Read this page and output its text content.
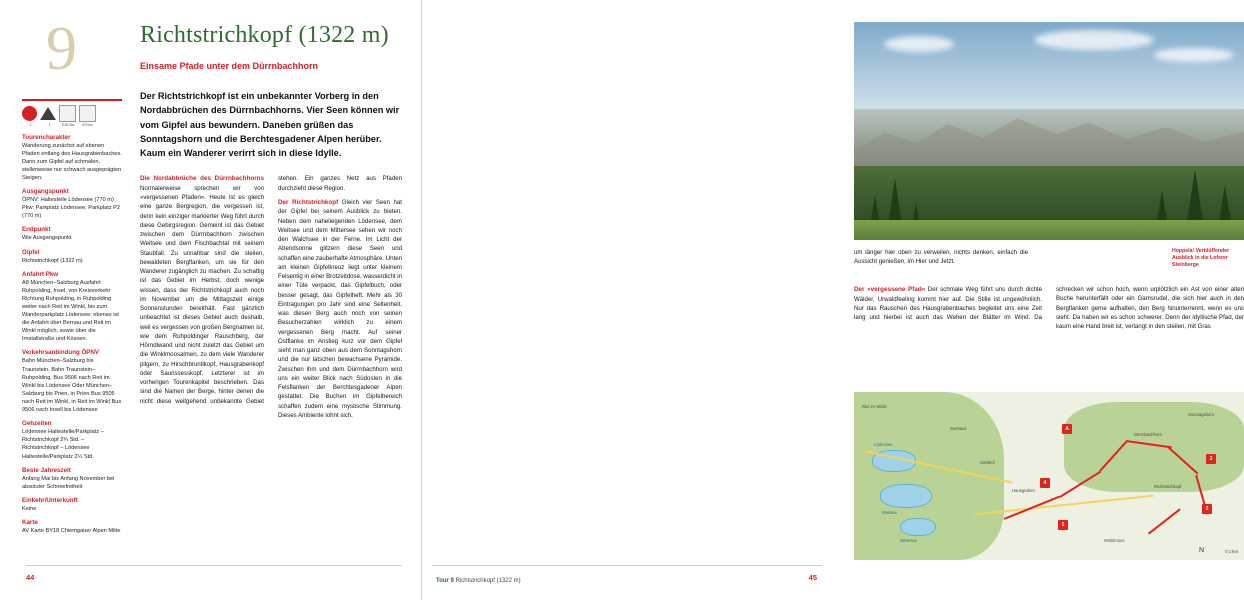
9
2	1	5.00 Std.	670 hm
Tourencharakter
Wanderung zunächst auf ebenen Pfaden entlang des Hausgrabenbaches. Dann zum Gipfel auf schmalen, stellenweise nur schwach ausgeprägten Steigen.
Ausgangspunkt
ÖPNV: Haltestelle Lödensee (770 m) Pkw: Parkplatz Lödensee, Parkplatz P2 (770 m)
Endpunkt
Wie Ausgangspunkt
Gipfel
Richtstrichkopf (1322 m)
Anfahrt Pkw
A8 München–Salzburg Ausfahrt Ruhpolding, Insel, von Kreisverkehr Richtung Ruhpolding, in Ruhpolding weiter nach Reit im Winkl, bis zum Wanderparkplatz Lödensee; ebenso ist die Anfahrt über Bernau und Reit im Winkl möglich, sowie über die Irnstallstraße und Kössen.
Verkehrsanbindung ÖPNV
Bahn München–Salzburg bis Traunstein, Bahn Traunstein–Ruhpolding, Bus 9506 nach Reit im Winkl bis Lödensee Oder München–Salzburg bis Prien, in Prien Bus 9505 nach Reit im Winkl, in Reit im Winkl Bus 9506 nach Insell bis Lödensee
Gehzeiten
Lödensee Haltestelle/Parkplatz – Richtstrichkopf 2¾ Std. – Richtstrichkopf – Lödensee Haltestelle/Parkplatz 2¼ Std.
Beste Jahreszeit
Anfang Mai bis Anfang November bei absoluter Schneefreiheit
Einkehr/Unterkunft
Keine
Karte
AV Karte BY18 Chiemgauer Alpen Mitte
Richtstrichkopf (1322 m)
Einsame Pfade unter dem Dürrnbachhorn

Der Richtstrichkopf ist ein unbekannter Vorberg in den Nordabbrüchen des Dürrnbachhorns. Vier Seen können wir vom Gipfel aus bewundern. Daneben grüßen das Sonntagshorn und die Berchtesgadener Alpen herüber. Kaum ein Wanderer verirrt sich in diese Idylle.

Die Nordabbrüche des Dürrnbachhorns Normalerweise sprechen wir von »vergessenen Pfaden«. Heute ist es gleich eine ganze Bergregion, die vergessen ist, denn kein einziger markierter Weg führt durch diese Gebirgsregion. Gemeint ist das Gebiet zwischen dem Dürrnbachhorn zwischen Weitsee und dem Fischbachtal mit seinem Staubfall. Zu unnahbar sind die steilen, bewaldeten Bergflanken, um sie für den Wanderer zugänglich zu machen. Zu schattig ist das Gebiet im Herbst, doch wenige wissen, dass der Richtstrichkopf auch noch im November um die Mittagszeit einige Sonnenstunden bereithält. Fast gänzlich unbeachtet ist dieses Gebiet auch deshalb, weil es vergessen von großen Bergnamen ist, wie dem Ruhpoldinger Rauschberg, der Hörndlwand und nicht zuletzt das Gebiet um die Winklmoosalmen, zu dem viele Wanderer pilgern, zu Hirschbruntlkopf, Hausgrabenkopf oder Saurissesskopf. Letzterer ist im vorherigen Tourenkapitel beschrieben. Das sind die Namen der Berge, hinter denen die nicht diese weitgehend unbekannte Gebiet stehen. Ein ganzes Netz aus Pfaden durchzieht diese Region.

Der Richtstrichkopf Gleich vier Seen hat der Gipfel bei seinem Ausblick zu bieten. Neben dem naheliegenden Lödensee, dem Weitsee und dem Mittersee sehen wir noch den Walchsee in der Ferne. Im Licht der Abendsonne glitzern diese Seen und schaffen eine zauberhafte Atmosphäre. Unten am kleinen Gipfelkreuz liegt unter kleinem Felsentig in einer Brotzeitdose, wasserdicht in einer Tüte verpackt, das Gipfelbuch, oder besser gesagt, das Gipfelheft. Mehr als 30 Eintragungen pro Jahr sind eine Seltenheit, was diesen Berg auch noch von seinen Besucherzahlen wirklich zu einem vergessenen Berg macht. Auf seiner Ostflanke im Anstieg kurz vor dem Gipfel sieht man ganz oben aus dem Sonntagshorn und die nur latschen bewachsene Pyramide. Zwischen ihm und dem Dürrnbachhorn wird uns ein weiter Blick nach Südosten in die Felsflanken der Berchtesgadener Alpen gestattet. Die Buchen im Gipfelbereich schaffen zudem eine mystische Stimmung. Dieses Ambiente lohnt sich,

44
um länger hier oben zu verweilen, nichts denken, einfach die Aussicht genießen, im Hier und Jetzt.
Hoppsla! Verblüffender Ausblick in die Loferer Steinberge

Der »vergessene Pfad« Der schmale Weg führt uns durch dichte Wälder, Urwaldfeeling kommt hier auf. Die Stille ist ungewöhnlich. Nur das Rauschen des Hausgrabenbaches begleitet uns eine Zeit lang und hierbei ist auch das Wehen der Blätter im Wind. Da schrecken wir schon hoch, wenn urplötzlich ein Ast von einer alten Buche herunterfällt oder ein Gamsrudel, die sich hier auch in den Bergflanken gerne aufhalten, den Berg hinunterrennt, wenn es uns sieht. Da haben wir es schon schwerer. Denn der idyllische Pfad, der kaum eine Hand breit ist, verlangt in den steilen, mit Gras

A
1
2
3
4
Lödensee
Weitsee
Mittersee
Hausgraben
Dürrnbachhorn
Richtstrichkopf
Sonntagshorn
Gasthof
Winklmoos
Seehaus
Reit im Winkl
N	0 1 km
45
Tour 9 Richtstrichkopf (1322 m)
